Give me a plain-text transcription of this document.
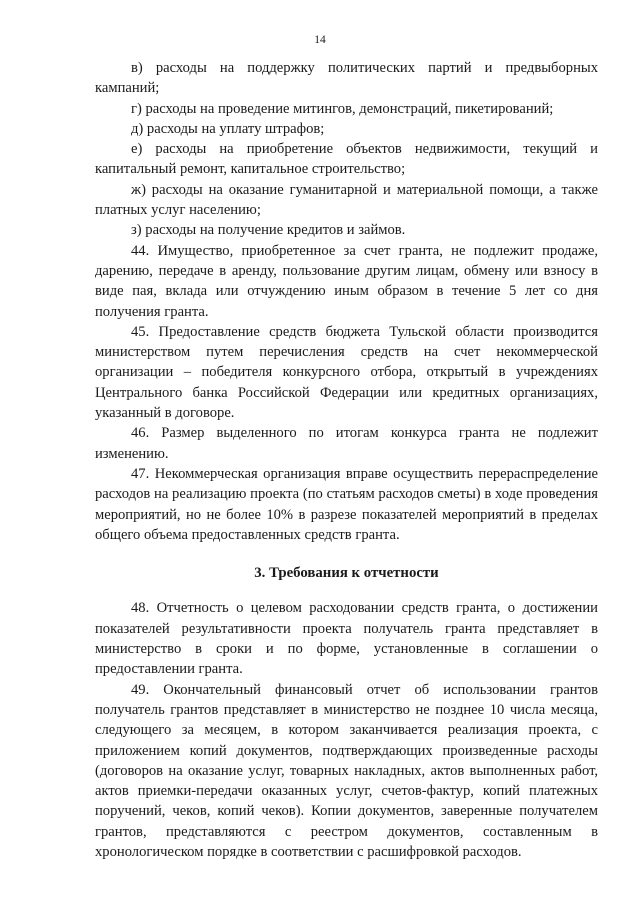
14

в) расходы на поддержку политических партий и предвыборных кампаний;

г) расходы на проведение митингов, демонстраций, пикетирований;

д) расходы на уплату штрафов;

е) расходы на приобретение объектов недвижимости, текущий и капитальный ремонт, капитальное строительство;

ж) расходы на оказание гуманитарной и материальной помощи, а также платных услуг населению;

з) расходы на получение кредитов и займов.

44. Имущество, приобретенное за счет гранта, не подлежит продаже, дарению, передаче в аренду, пользование другим лицам, обмену или взносу в виде пая, вклада или отчуждению иным образом в течение 5 лет со дня получения гранта.

45. Предоставление средств бюджета Тульской области производится министерством путем перечисления средств на счет некоммерческой организации – победителя конкурсного отбора, открытый в учреждениях Центрального банка Российской Федерации или кредитных организациях, указанный в договоре.

46. Размер выделенного по итогам конкурса гранта не подлежит изменению.

47. Некоммерческая организация вправе осуществить перераспределение расходов на реализацию проекта (по статьям расходов сметы) в ходе проведения мероприятий, но не более 10% в разрезе показателей мероприятий в пределах общего объема предоставленных средств гранта.

3. Требования к отчетности

48. Отчетность о целевом расходовании средств гранта, о достижении показателей результативности проекта получатель гранта представляет в министерство в сроки и по форме, установленные в соглашении о предоставлении гранта.

49. Окончательный финансовый отчет об использовании грантов получатель грантов представляет в министерство не позднее 10 числа месяца, следующего за месяцем, в котором заканчивается реализация проекта, с приложением копий документов, подтверждающих произведенные расходы (договоров на оказание услуг, товарных накладных, актов выполненных работ, актов приемки-передачи оказанных услуг, счетов-фактур, копий платежных поручений, чеков, копий чеков). Копии документов, заверенные получателем грантов, представляются с реестром документов, составленным в хронологическом порядке в соответствии с расшифровкой расходов.
